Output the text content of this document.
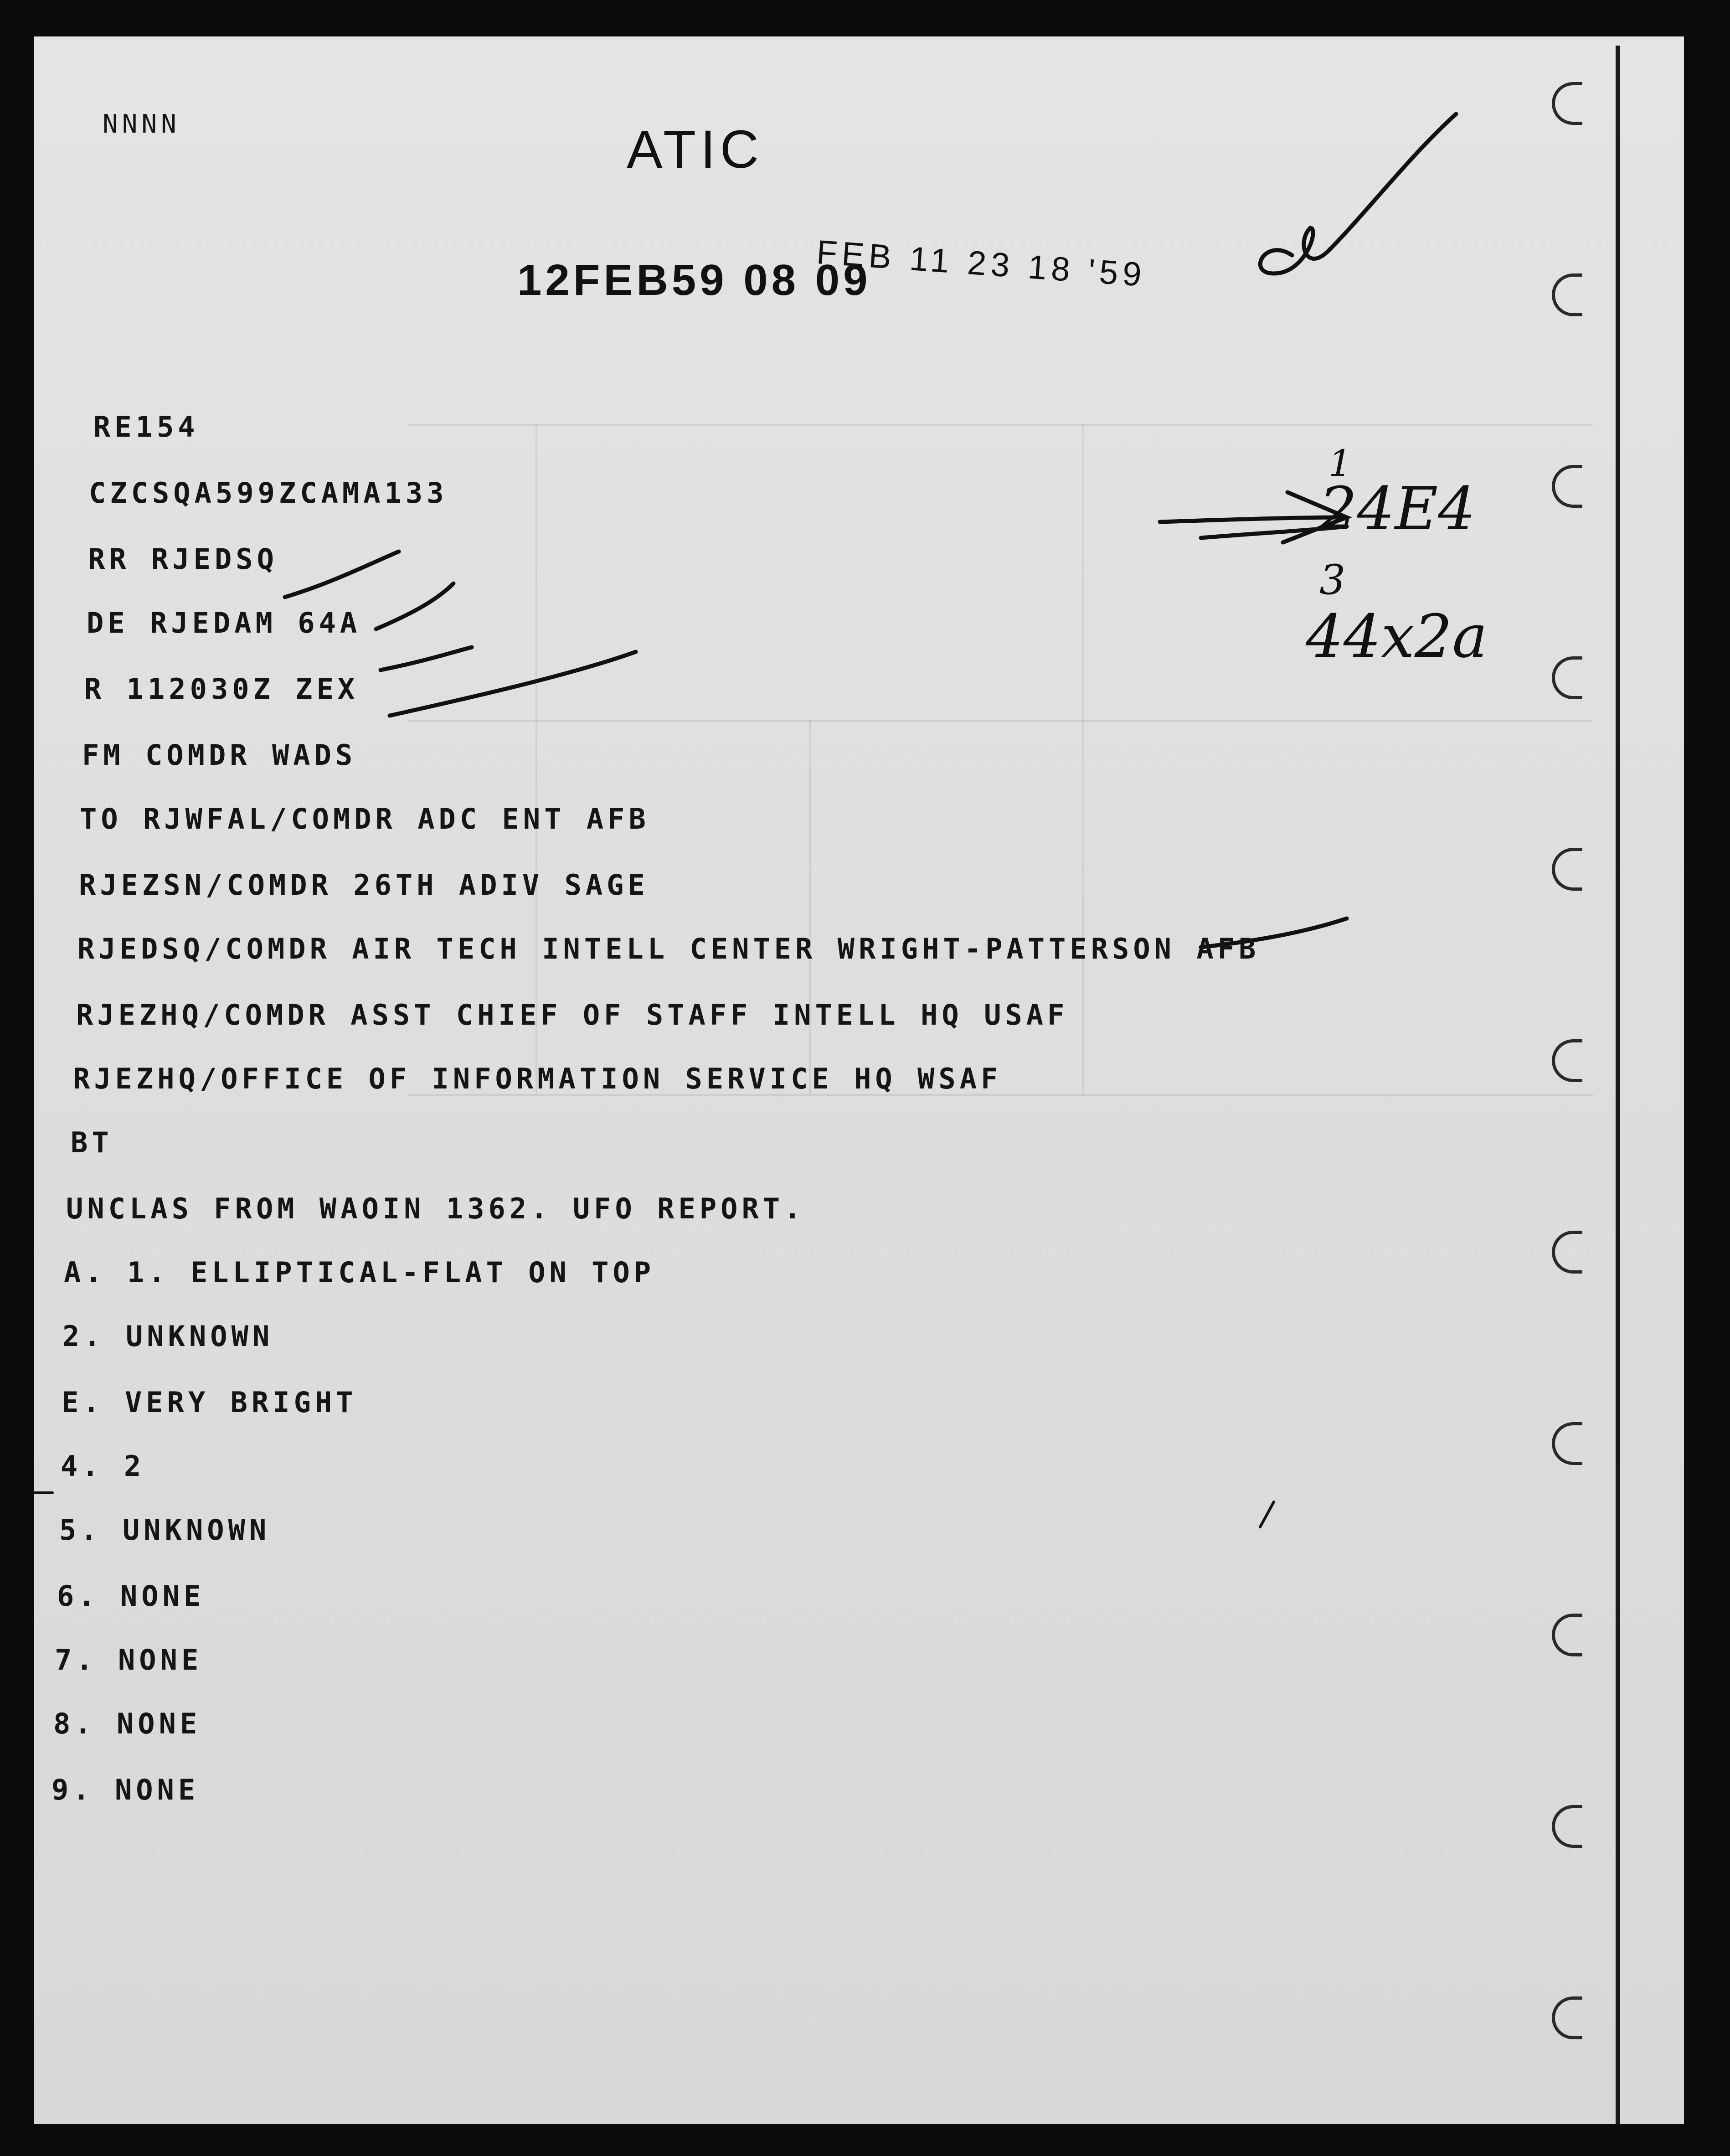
NNNN	ATIC
12FEB59 08 09
FEB 11 23 18 '59
1
24E4
3
44x2a
RE154
CZCSQA599ZCAMA133
RR RJEDSQ
DE RJEDAM 64A
R 112030Z ZEX
FM COMDR WADS
TO RJWFAL/COMDR ADC ENT AFB
RJEZSN/COMDR 26TH ADIV SAGE
RJEDSQ/COMDR AIR TECH INTELL CENTER WRIGHT-PATTERSON AFB
RJEZHQ/COMDR ASST CHIEF OF STAFF INTELL HQ USAF
RJEZHQ/OFFICE OF INFORMATION SERVICE HQ WSAF
BT
UNCLAS FROM WAOIN 1362. UFO REPORT.
A. 1. ELLIPTICAL-FLAT ON TOP
2. UNKNOWN
E. VERY BRIGHT
4. 2
5. UNKNOWN
6. NONE
7. NONE
8. NONE
9. NONE
